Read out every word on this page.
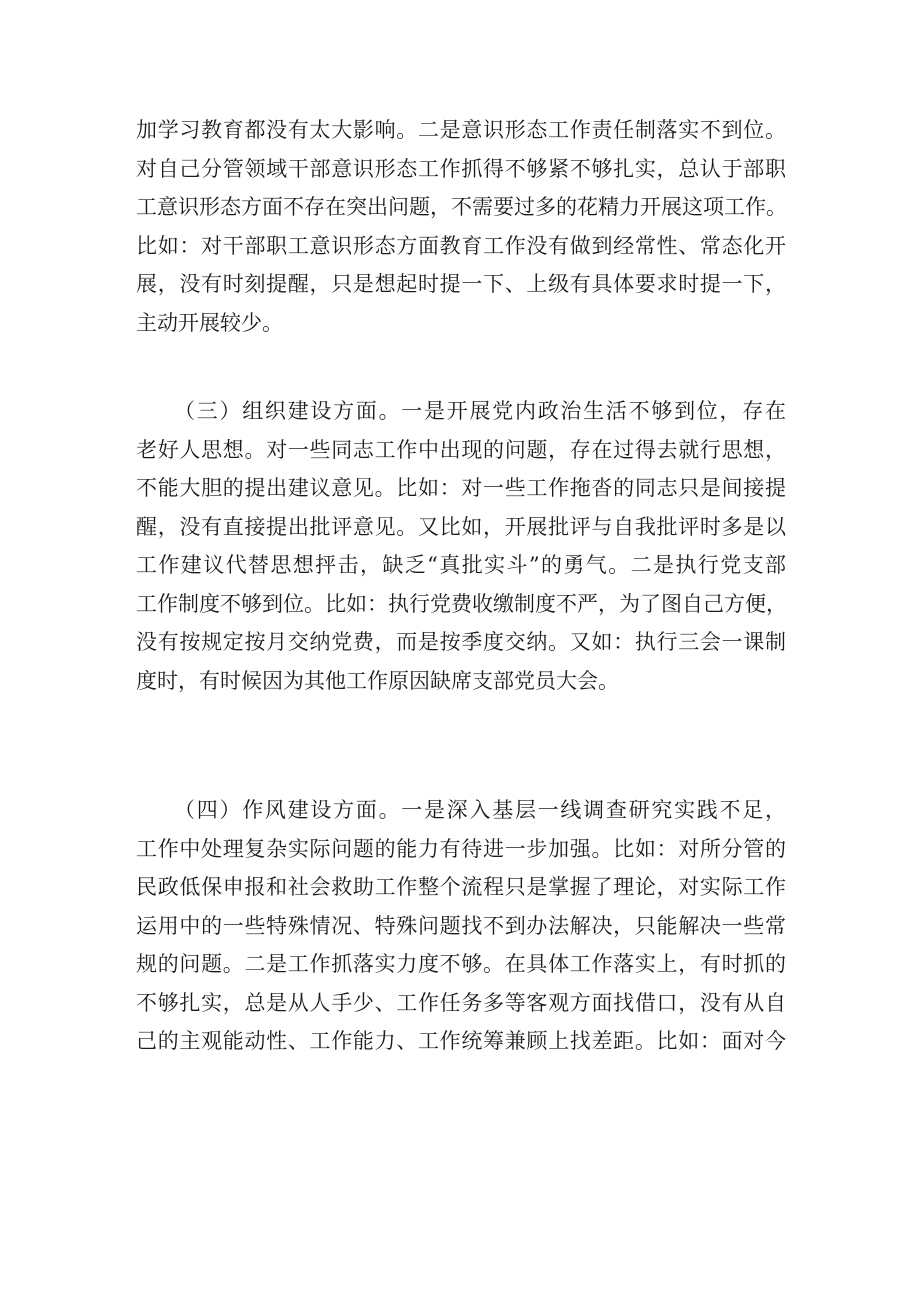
加学习教育都没有太大影响。二是意识形态工作责任制落实不到位。
对自己分管领域干部意识形态工作抓得不够紧不够扎实，总认于部职
工意识形态方面不存在突出问题，不需要过多的花精力开展这项工作。
比如：对干部职工意识形态方面教育工作没有做到经常性、常态化开
展，没有时刻提醒，只是想起时提一下、上级有具体要求时提一下，
主动开展较少。
（三）组织建设方面。一是开展党内政治生活不够到位，存在
老好人思想。对一些同志工作中出现的问题，存在过得去就行思想，
不能大胆的提出建议意见。比如：对一些工作拖沓的同志只是间接提
醒，没有直接提出批评意见。又比如，开展批评与自我批评时多是以
工作建议代替思想抨击，缺乏“真批实斗”的勇气。二是执行党支部
工作制度不够到位。比如：执行党费收缴制度不严，为了图自己方便，
没有按规定按月交纳党费，而是按季度交纳。又如：执行三会一课制
度时，有时候因为其他工作原因缺席支部党员大会。
（四）作风建设方面。一是深入基层一线调查研究实践不足，
工作中处理复杂实际问题的能力有待进一步加强。比如：对所分管的
民政低保申报和社会救助工作整个流程只是掌握了理论，对实际工作
运用中的一些特殊情况、特殊问题找不到办法解决，只能解决一些常
规的问题。二是工作抓落实力度不够。在具体工作落实上，有时抓的
不够扎实，总是从人手少、工作任务多等客观方面找借口，没有从自
己的主观能动性、工作能力、工作统筹兼顾上找差距。比如：面对今
